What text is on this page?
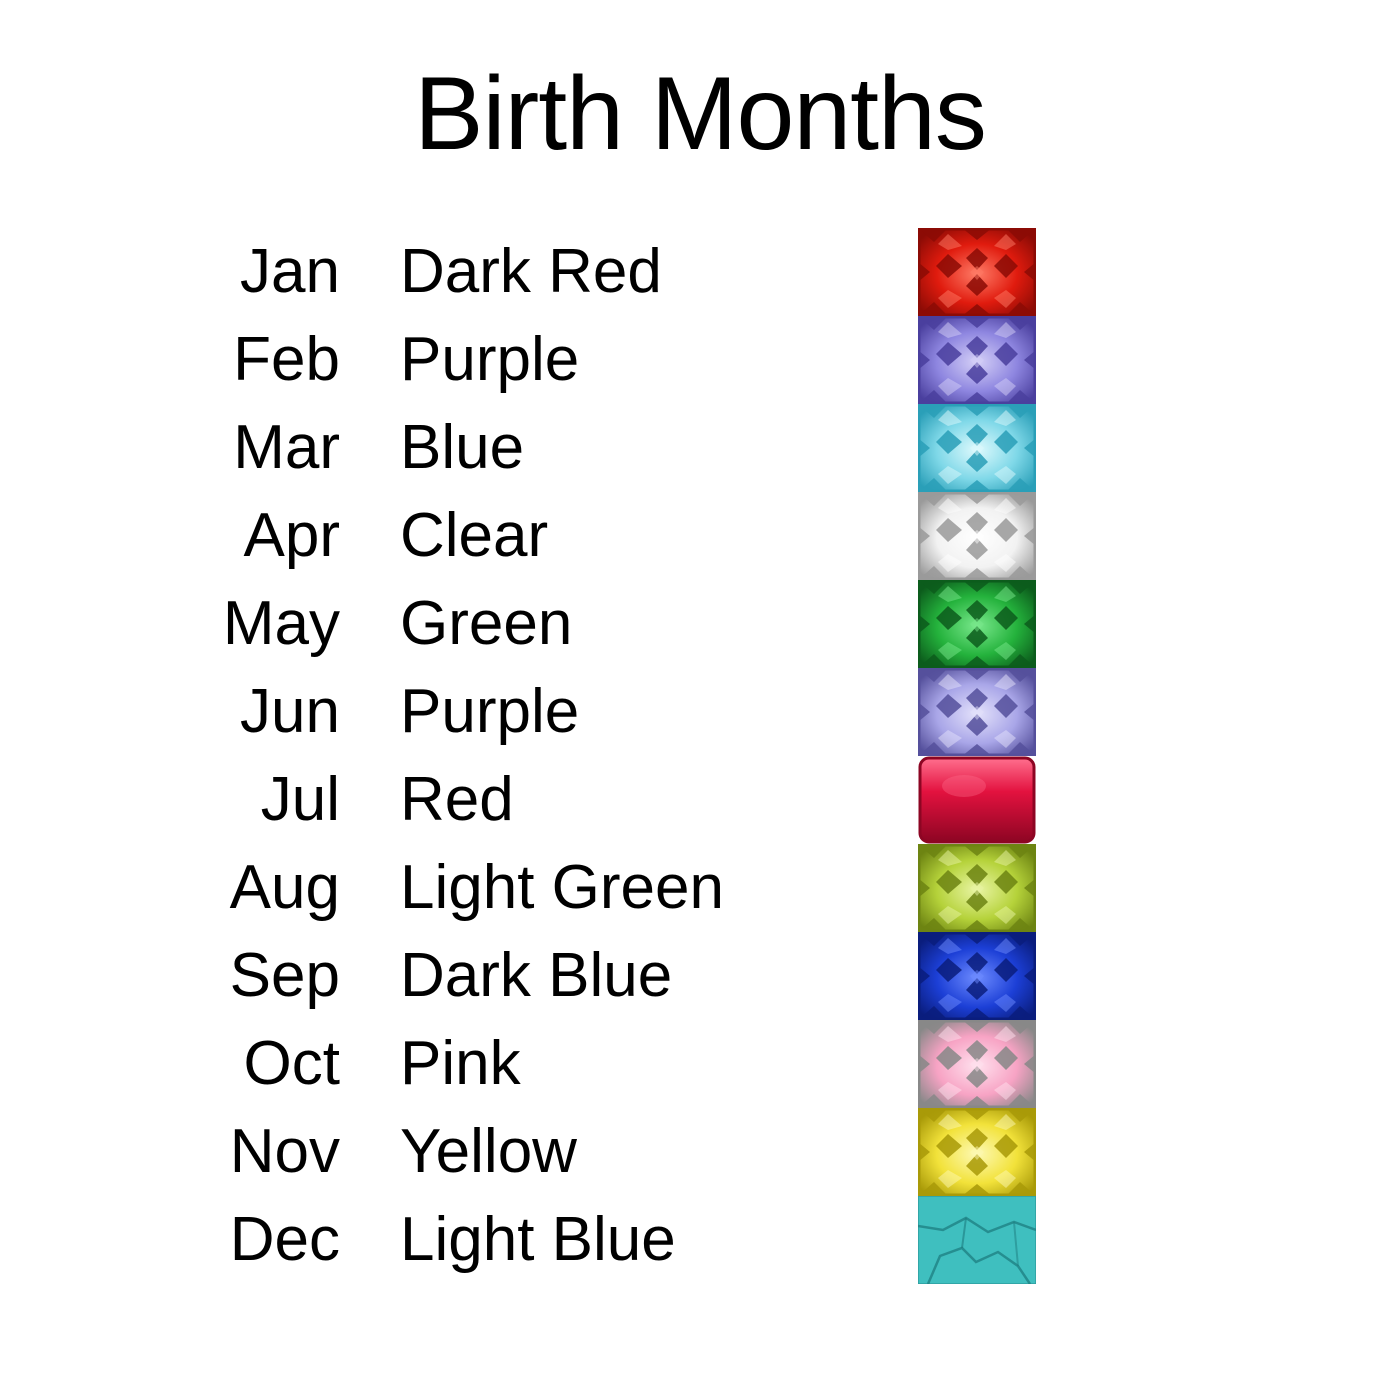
Birth Months
Jan Dark Red
Feb Purple
Mar Blue
Apr Clear
May Green
Jun Purple
Jul Red
Aug Light Green
Sep Dark Blue
Oct Pink
Nov Yellow
Dec Light Blue
